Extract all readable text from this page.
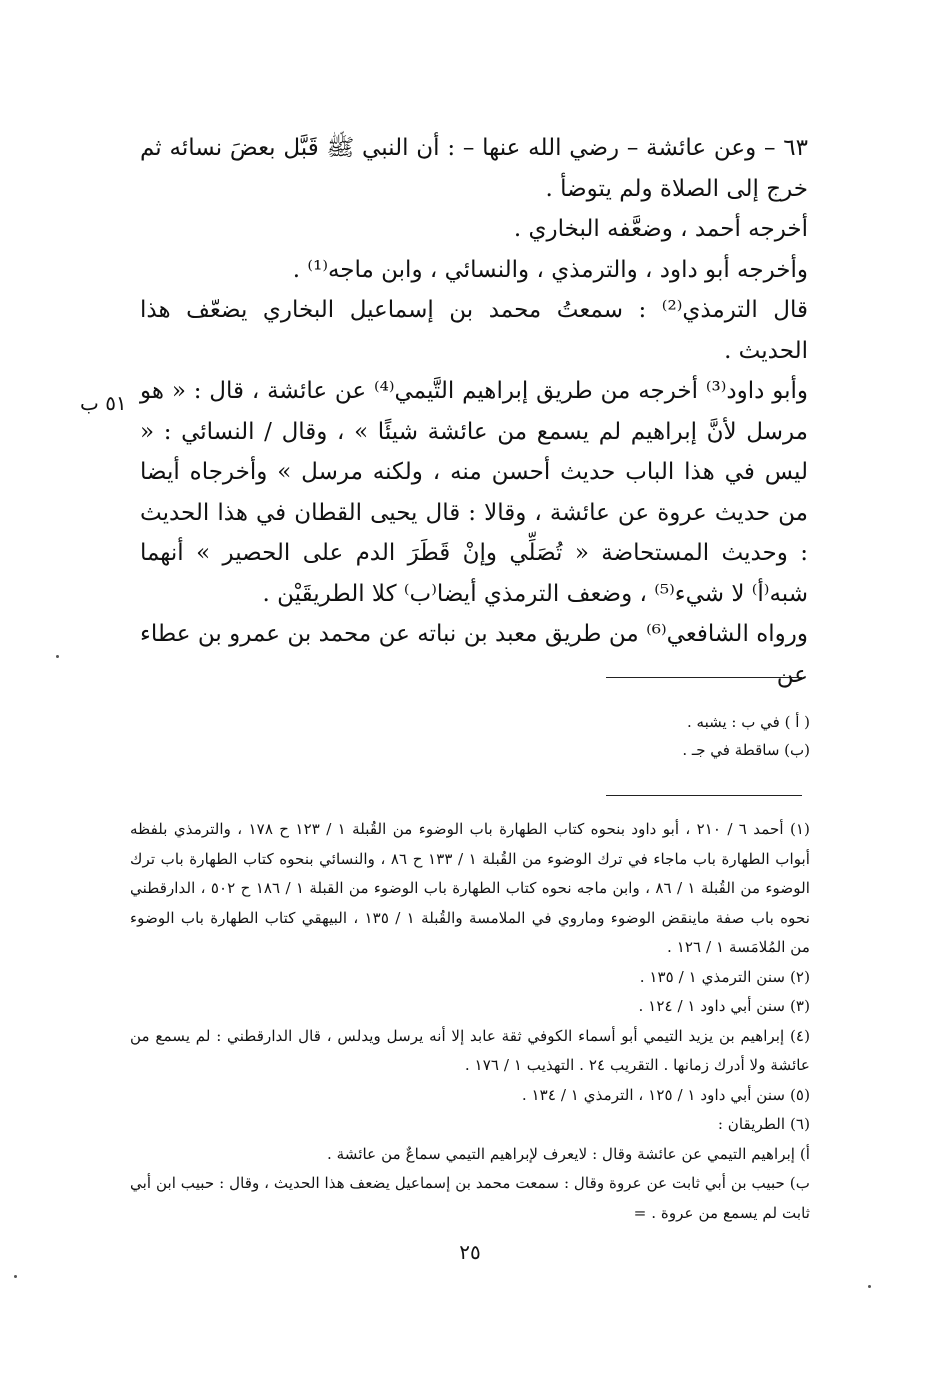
٦٣ – وعن عائشة – رضي الله عنها – : أن النبي ﷺ قَبَّل بعضَ نسائه ثم خرج إلى الصلاة ولم يتوضأ .

أخرجه أحمد ، وضعَّفه البخاري .

وأخرجه أبو داود ، والترمذي ، والنسائي ، وابن ماجه⁽¹⁾ .

قال الترمذي⁽²⁾ : سمعتُ محمد بن إسماعيل البخاري يضعّف هذا الحديث .

وأبو داود⁽³⁾ أخرجه من طريق إبراهيم التَّيمي⁽⁴⁾ عن عائشة ، قال : « هو مرسل لأنَّ إبراهيم لم يسمع من عائشة شيئًا » ، وقال / النسائي : « ليس في هذا الباب حديث أحسن منه ، ولكنه مرسل » وأخرجاه أيضا من حديث عروة عن عائشة ، وقالا : قال يحيى القطان في هذا الحديث : وحديث المستحاضة « تُصَلِّي وإنْ قَطَرَ الدم على الحصير » أنهما شبه⁽أ⁾ لا شيء⁽⁵⁾ ، وضعف الترمذي أيضا⁽ب⁾ كلا الطريقَيْن .

ورواه الشافعي⁽⁶⁾ من طريق معبد بن نباته عن محمد بن عمرو بن عطاء عن

٥١ ب
( أ ) في ب : يشبه .
(ب) ساقطة في جـ .
(١) أحمد ٦ / ٢١٠ ، أبو داود بنحوه كتاب الطهارة باب الوضوء من القُبلة ١ / ١٢٣ ح ١٧٨ ، والترمذي بلفظه أبواب الطهارة باب ماجاء في ترك الوضوء من القُبلة ١ / ١٣٣ ح ٨٦ ، والنسائي بنحوه كتاب الطهارة باب ترك الوضوء من القُبلة ١ / ٨٦ ، وابن ماجه نحوه كتاب الطهارة باب الوضوء من القبلة ١ / ١٨٦ ح ٥٠٢ ، الدارقطني نحوه باب صفة ماينقض الوضوء وماروي في الملامسة والقُبلة ١ / ١٣٥ ، البيهقي كتاب الطهارة باب الوضوء من المُلامَسة ١ / ١٢٦ .
(٢) سنن الترمذي ١ / ١٣٥ .
(٣) سنن أبي داود ١ / ١٢٤ .
(٤) إبراهيم بن يزيد التيمي أبو أسماء الكوفي ثقة عابد إلا أنه يرسل ويدلس ، قال الدارقطني : لم يسمع من عائشة ولا أدرك زمانها . التقريب ٢٤ . التهذيب ١ / ١٧٦ .
(٥) سنن أبي داود ١ / ١٢٥ ، الترمذي ١ / ١٣٤ .
(٦) الطريقان :
أ) إبراهيم التيمي عن عائشة وقال : لايعرف لإبراهيم التيمي سماعٌ من عائشة .
ب) حبيب بن أبي ثابت عن عروة وقال : سمعت محمد بن إسماعيل يضعف هذا الحديث ، وقال : حبيب ابن أبي ثابت لم يسمع من عروة . =
٢٥
